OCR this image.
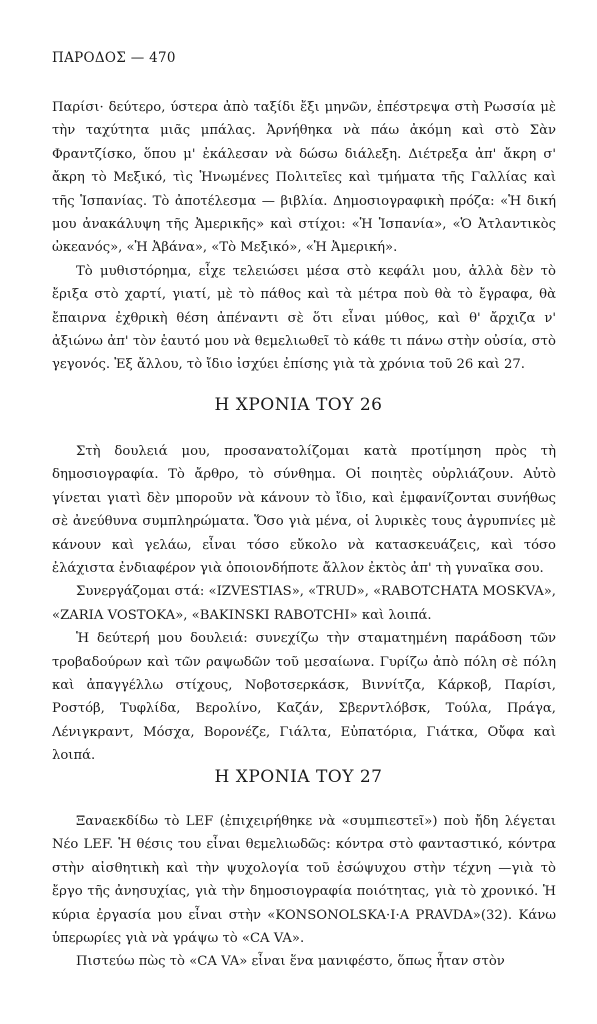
ΠΑΡΟΔΟΣ — 470

Παρίσι· δεύτερο, ύστερα ἀπὸ ταξίδι ἔξι μηνῶν, ἐπέστρεψα στὴ Ρωσσία μὲ τὴν ταχύτητα μιᾶς μπάλας. Ἀρνήθηκα νὰ πάω ἀκόμη καὶ στὸ Σὰν Φραντζίσκο, ὅπου μ' ἐκάλεσαν νὰ δώσω διάλεξη. Διέτρεξα ἀπ' ἄκρη σ' ἄκρη τὸ Μεξικό, τὶς Ἡνωμένες Πολιτεῖες καὶ τμήματα τῆς Γαλλίας καὶ τῆς Ἱσπανίας. Τὸ ἀποτέλεσμα — βιβλία. Δημοσιογραφικὴ πρόζα: «Ἡ δική μου ἀνακάλυψη τῆς Ἀμερικῆς» καὶ στίχοι: «Ἡ Ἱσπανία», «Ὁ Ἀτλαντικὸς ὠκεανός», «Ἡ Ἀβάνα», «Τὸ Μεξικό», «Ἡ Ἀμερική».

Τὸ μυθιστόρημα, εἶχε τελειώσει μέσα στὸ κεφάλι μου, ἀλλὰ δὲν τὸ ἔριξα στὸ χαρτί, γιατί, μὲ τὸ πάθος καὶ τὰ μέτρα ποὺ θὰ τὸ ἔγραφα, θὰ ἔπαιρνα ἐχθρικὴ θέση ἀπέναντι σὲ ὅτι εἶναι μύθος, καὶ θ' ἄρχιζα ν' ἀξιώνω ἀπ' τὸν ἑαυτό μου νὰ θεμελιωθεῖ τὸ κάθε τι πάνω στὴν οὐσία, στὸ γεγονός. Ἐξ ἄλλου, τὸ ἴδιο ἰσχύει ἐπίσης γιὰ τὰ χρόνια τοῦ 26 καὶ 27.

Η ΧΡΟΝΙΑ ΤΟΥ 26

Στὴ δουλειά μου, προσανατολίζομαι κατὰ προτίμηση πρὸς τὴ δημοσιογραφία. Τὸ ἄρθρο, τὸ σύνθημα. Οἱ ποιητὲς οὐρλιάζουν. Αὐτὸ γίνεται γιατὶ δὲν μποροῦν νὰ κάνουν τὸ ἴδιο, καὶ ἐμφανίζονται συνήθως σὲ ἀνεύθυνα συμπληρώματα. Ὅσο γιὰ μένα, οἱ λυρικὲς τους ἀγρυπνίες μὲ κάνουν καὶ γελάω, εἶναι τόσο εὔκολο νὰ κατασκευάζεις, καὶ τόσο ἐλάχιστα ἐνδιαφέρον γιὰ ὁποιονδήποτε ἄλλον ἐκτὸς ἀπ' τὴ γυναῖκα σου.

Συνεργάζομαι στά: «IZVESTIAS», «TRUD», «RABOTCHATA MOSKVA», «ZARIA VOSTOKA», «BAKINSKI RABOTCHI» καὶ λοιπά.

Ἡ δεύτερή μου δουλειά: συνεχίζω τὴν σταματημένη παράδοση τῶν τροβαδούρων καὶ τῶν ραψωδῶν τοῦ μεσαίωνα. Γυρίζω ἀπὸ πόλη σὲ πόλη καὶ ἀπαγγέλλω στίχους, Νοβοτσερκάσκ, Βιννίτζα, Κάρκοβ, Παρίσι, Ροστόβ, Τυφλίδα, Βερολίνο, Καζάν, Σβερντλόβσκ, Τούλα, Πράγα, Λένιγκραντ, Μόσχα, Βορονέζε, Γιάλτα, Εὐπατόρια, Γιάτκα, Οὔφα καὶ λοιπά.

Η ΧΡΟΝΙΑ ΤΟΥ 27

Ξαναεκδίδω τὸ LEF (ἐπιχειρήθηκε νὰ «συμπιεστεῖ») ποὺ ἤδη λέγεται Νέο LEF. Ἡ θέσις του εἶναι θεμελιωδῶς: κόντρα στὸ φανταστικό, κόντρα στὴν αἰσθητικὴ καὶ τὴν ψυχολογία τοῦ ἐσώψυχου στὴν τέχνη —γιὰ τὸ ἔργο τῆς ἀνησυχίας, γιὰ τὴν δημοσιογραφία ποιότητας, γιὰ τὸ χρονικό. Ἡ κύρια ἐργασία μου εἶναι στὴν «KONSONOLSKA·I·A PRAVDA»(32). Κάνω ὑπερωρίες γιὰ νὰ γράψω τὸ «CA VA».

Πιστεύω πὼς τὸ «CA VA» εἶναι ἕνα μανιφέστο, ὅπως ἦταν στὸν
